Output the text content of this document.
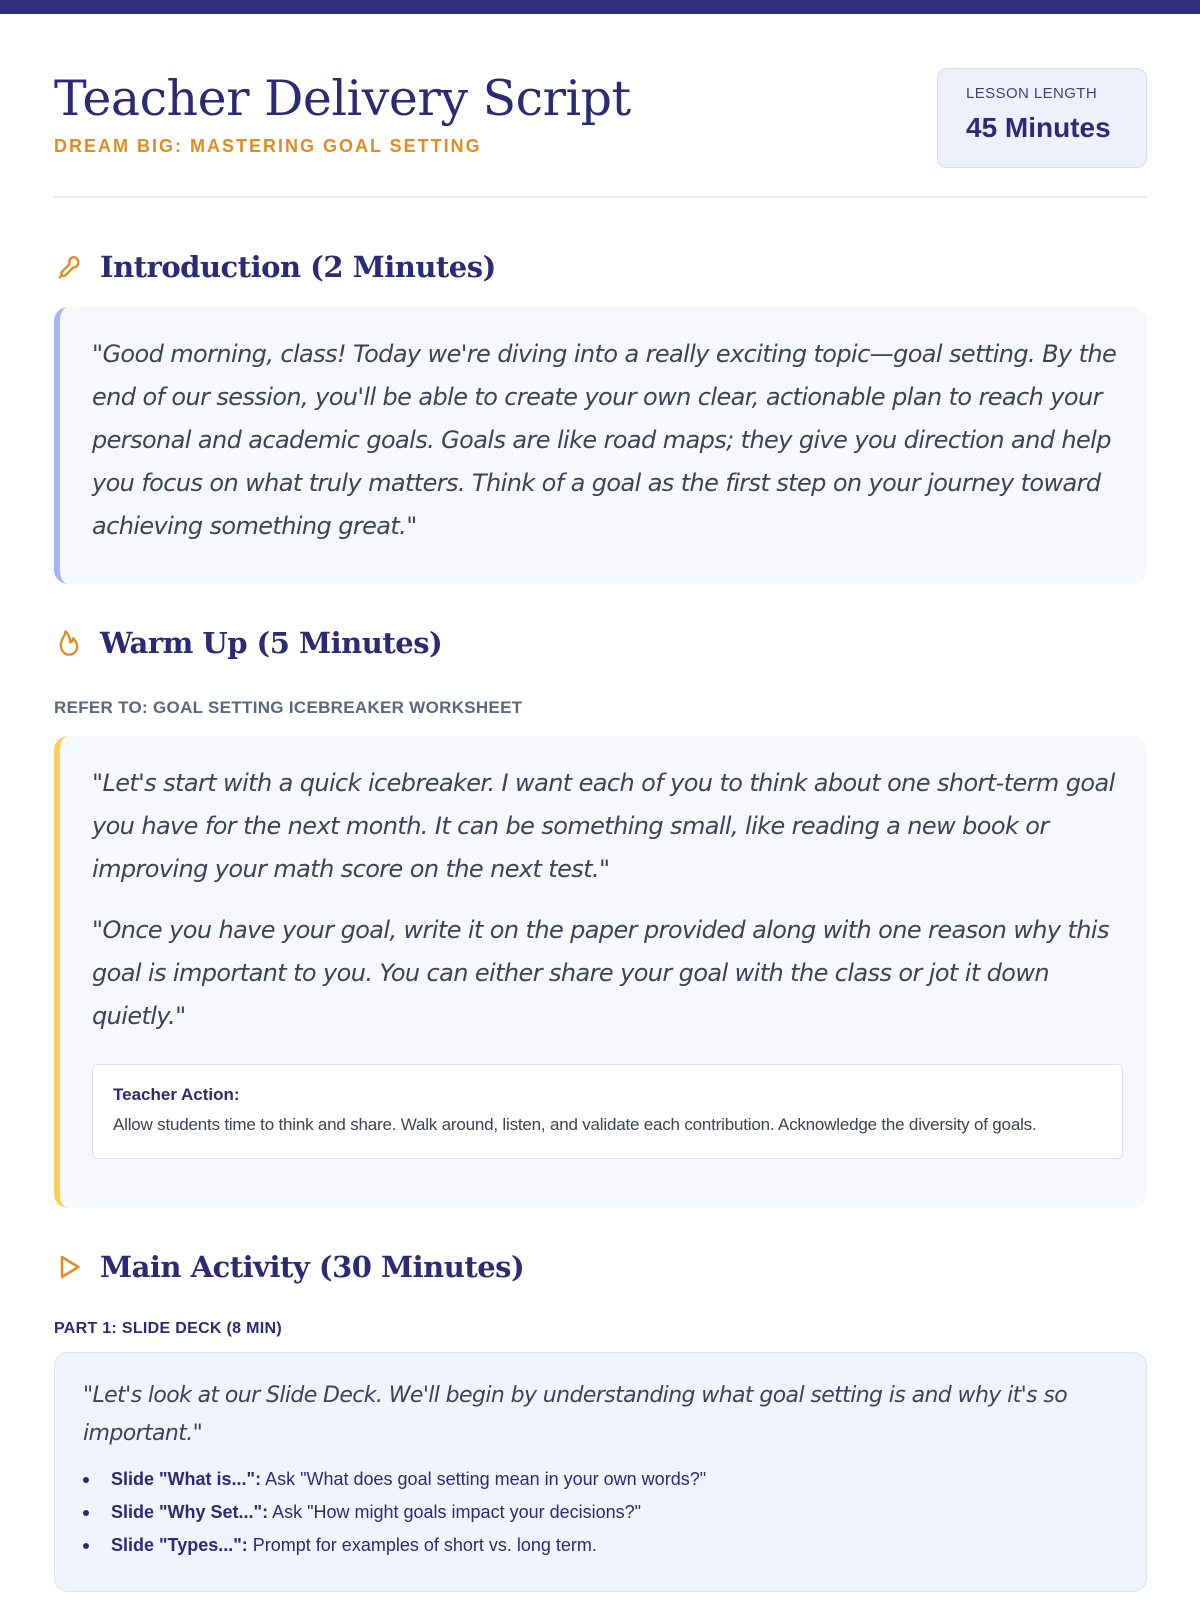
Teacher Delivery Script
DREAM BIG: MASTERING GOAL SETTING
LESSON LENGTH
45 Minutes
Introduction (2 Minutes)

"Good morning, class! Today we're diving into a really exciting topic—goal setting. By the end of our session, you'll be able to create your own clear, actionable plan to reach your personal and academic goals. Goals are like road maps; they give you direction and help you focus on what truly matters. Think of a goal as the first step on your journey toward achieving something great."

Warm Up (5 Minutes)
REFER TO: GOAL SETTING ICEBREAKER WORKSHEET

"Let's start with a quick icebreaker. I want each of you to think about one short-term goal you have for the next month. It can be something small, like reading a new book or improving your math score on the next test."

"Once you have your goal, write it on the paper provided along with one reason why this goal is important to you. You can either share your goal with the class or jot it down quietly."

Teacher Action:
Allow students time to think and share. Walk around, listen, and validate each contribution. Acknowledge the diversity of goals.
Main Activity (30 Minutes)
PART 1: SLIDE DECK (8 MIN)

"Let's look at our Slide Deck. We'll begin by understanding what goal setting is and why it's so important."

Slide "What is...": Ask "What does goal setting mean in your own words?"
Slide "Why Set...": Ask "How might goals impact your decisions?"
Slide "Types...": Prompt for examples of short vs. long term.
